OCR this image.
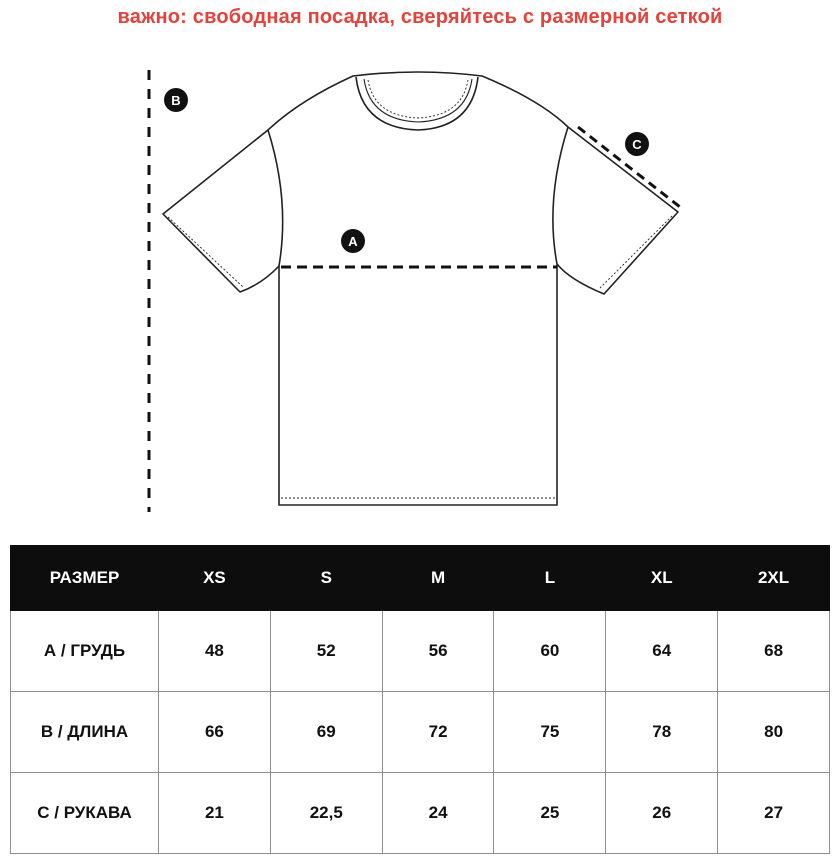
важно: свободная посадка, сверяйтесь с размерной сеткой
B
A
C
РАЗМЕР	XS	S	M	L	XL	2XL
А / ГРУДЬ	48	52	56	60	64	68
В / ДЛИНА	66	69	72	75	78	80
С / РУКАВА	21	22,5	24	25	26	27
